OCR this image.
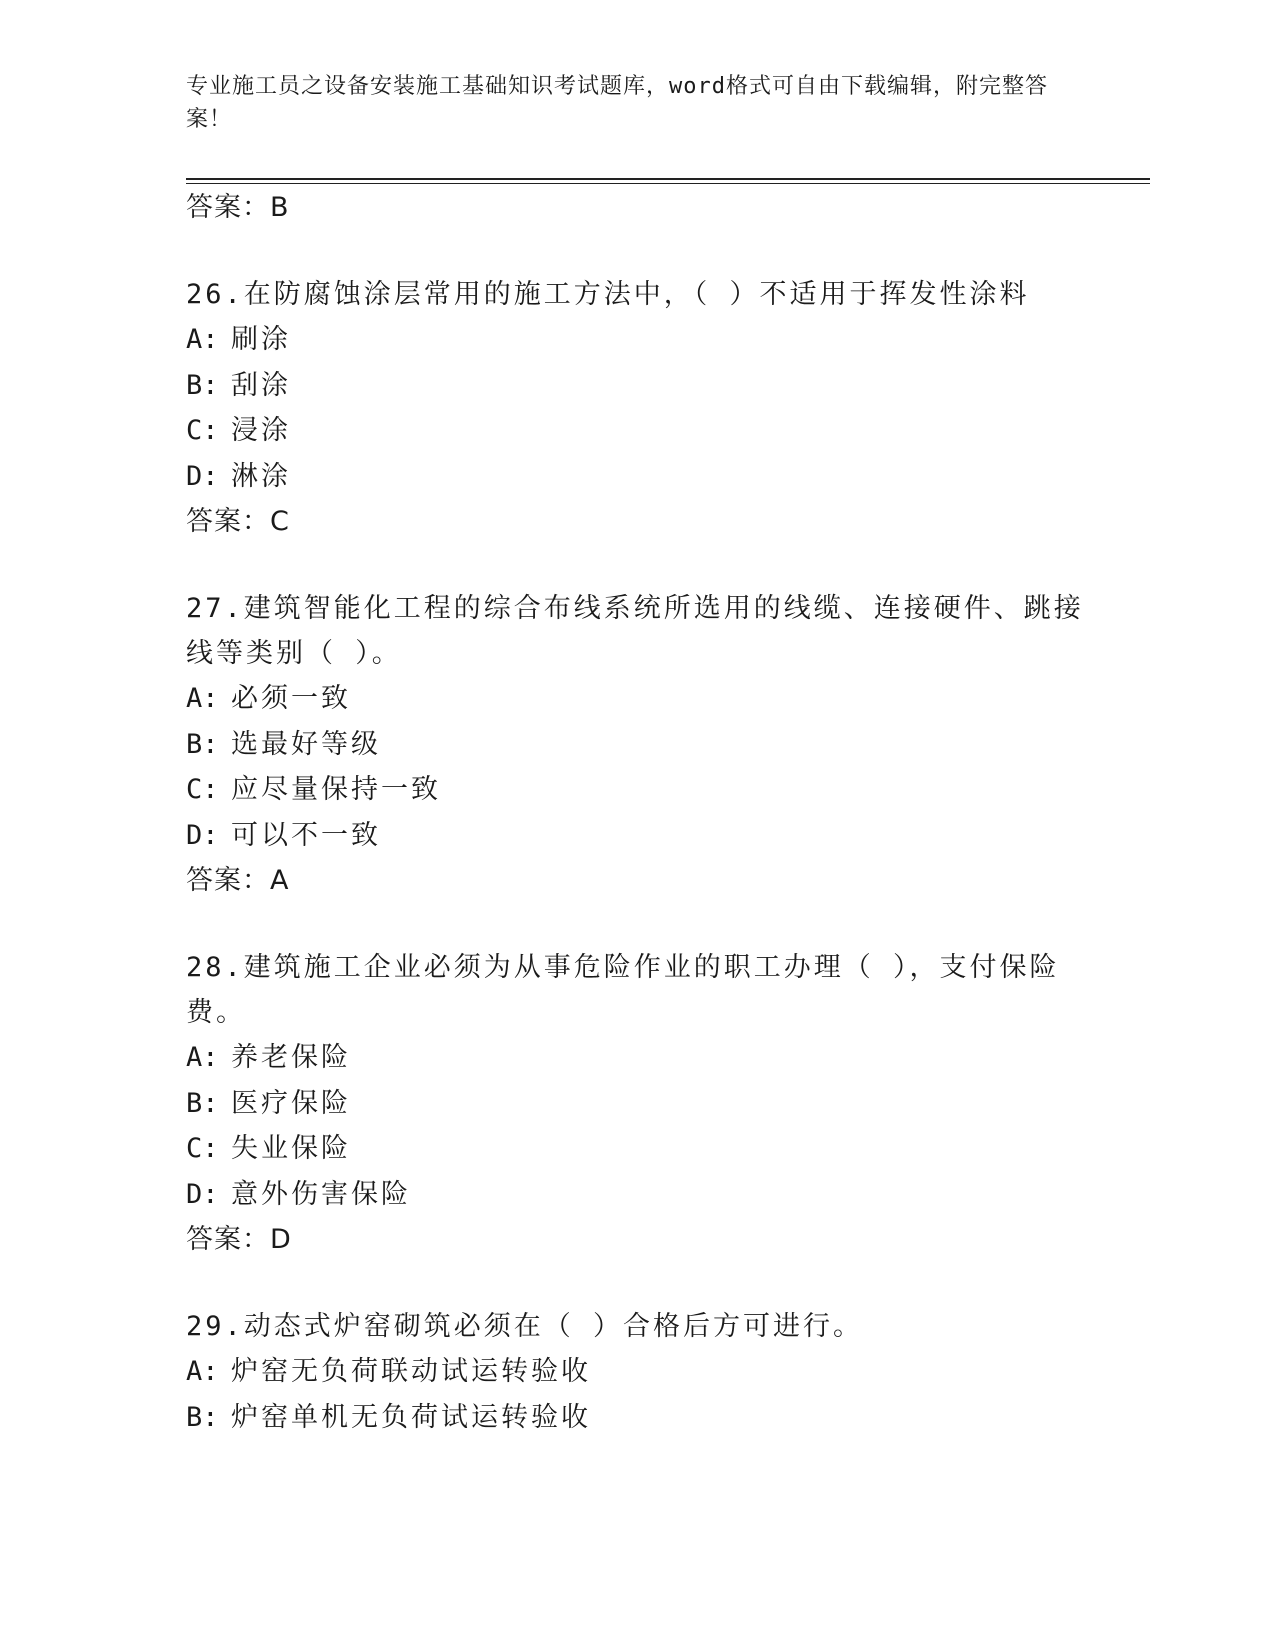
专业施工员之设备安装施工基础知识考试题库，word格式可自由下载编辑，附完整答案！
答案：B
26.在防腐蚀涂层常用的施工方法中，（ ）不适用于挥发性涂料
A: 刷涂
B: 刮涂
C: 浸涂
D: 淋涂
答案：C
27.建筑智能化工程的综合布线系统所选用的线缆、连接硬件、跳接线等类别（ ）。
A: 必须一致
B: 选最好等级
C: 应尽量保持一致
D: 可以不一致
答案：A
28.建筑施工企业必须为从事危险作业的职工办理（ ），支付保险费。
A: 养老保险
B: 医疗保险
C: 失业保险
D: 意外伤害保险
答案：D
29.动态式炉窑砌筑必须在（ ）合格后方可进行。
A: 炉窑无负荷联动试运转验收
B: 炉窑单机无负荷试运转验收
